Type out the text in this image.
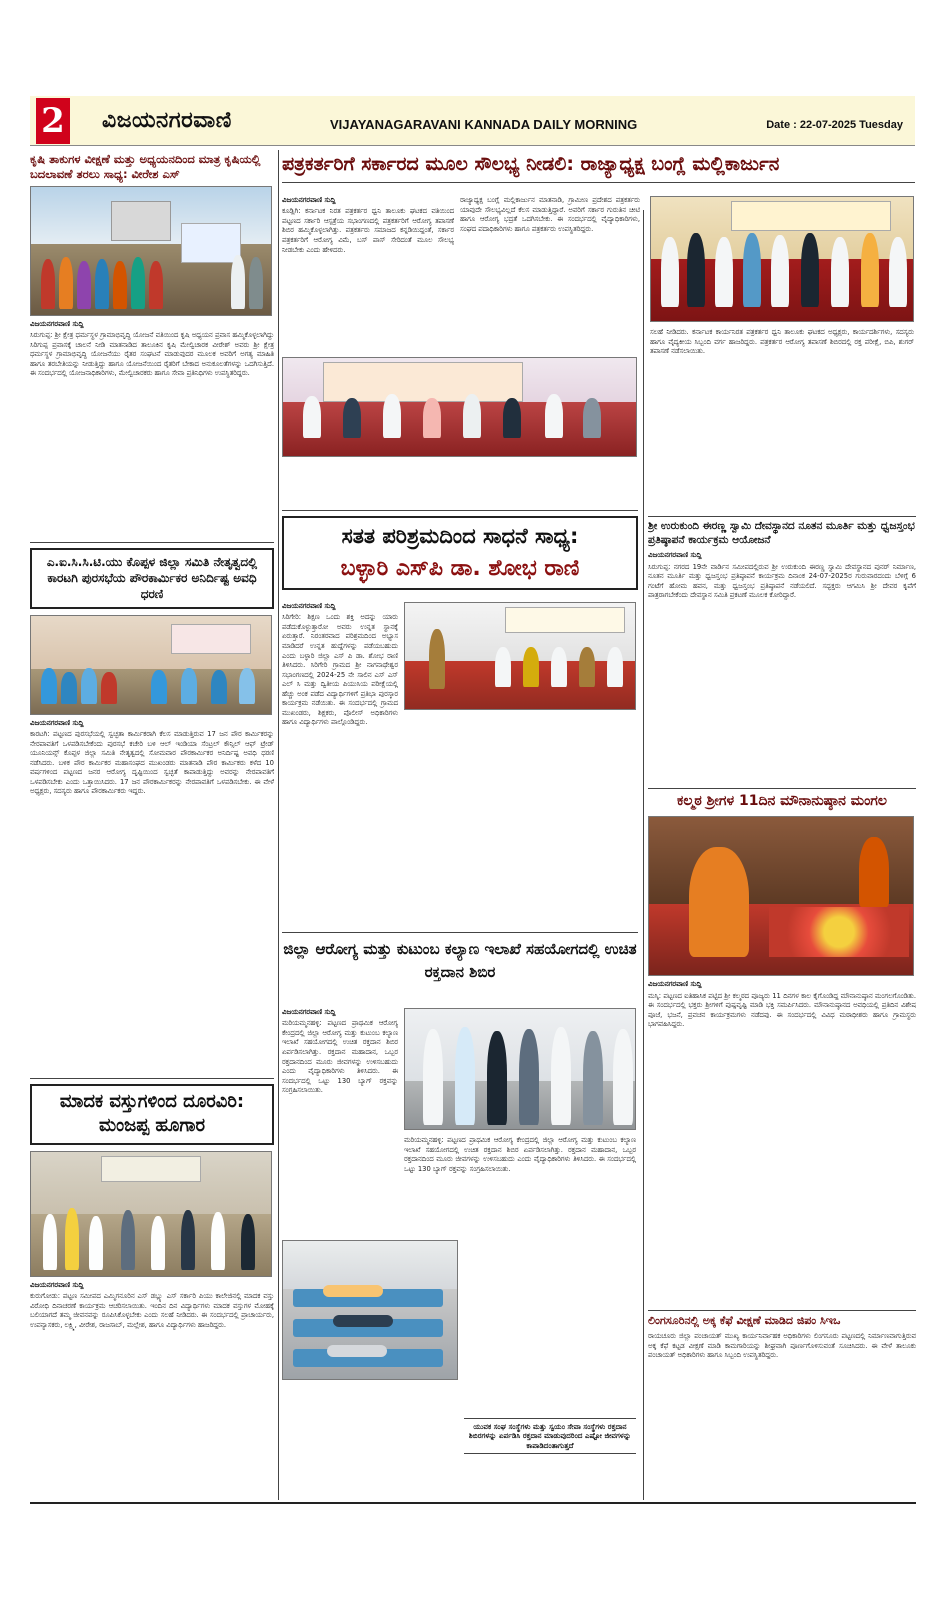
2 ವಿಜಯನಗರವಾಣಿ	VIJAYANAGARAVANI KANNADA DAILY MORNING	Date : 22-07-2025 Tuesday
ಕೃಷಿ ತಾಕುಗಳ ವೀಕ್ಷಣೆ ಮತ್ತು ಅಧ್ಯಯನದಿಂದ ಮಾತ್ರ ಕೃಷಿಯಲ್ಲಿ ಬದಲಾವಣೆ ತರಲು ಸಾಧ್ಯ: ವೀರೇಶ ಎಸ್
ವಿಜಯನಗರವಾಣಿ ಸುದ್ದಿ

ಸಿರುಗುಪ್ಪ: ಶ್ರೀ ಕ್ಷೇತ್ರ ಧರ್ಮಸ್ಥಳ ಗ್ರಾಮಾಭಿವೃದ್ಧಿ ಯೋಜನೆ ವತಿಯಿಂದ ಕೃಷಿ ಅಧ್ಯಯನ ಪ್ರವಾಸ ಹಮ್ಮಿಕೊಳ್ಳಲಾಗಿದ್ದು ಸಿರಿಗುಪ್ಪ ಪ್ರವಾಸಕ್ಕೆ ಚಾಲನೆ ನೀಡಿ ಮಾತನಾಡಿದ ತಾಲೂಕಿನ ಕೃಷಿ ಮೇಲ್ವಿಚಾರಕ ವೀರೇಶ್ ಅವರು ಶ್ರೀ ಕ್ಷೇತ್ರ ಧರ್ಮಸ್ಥಳ ಗ್ರಾಮಾಭಿವೃದ್ಧಿ ಯೋಜನೆಯು ರೈತರ ಸಂಘಟನೆ ಮಾಡುವುದರ ಮೂಲಕ ಅವರಿಗೆ ಅಗತ್ಯ ಮಾಹಿತಿ ಹಾಗೂ ತರಬೇತಿಯನ್ನು ನೀಡುತ್ತಿದ್ದು ಹಾಗೂ ಯೋಜನೆಯಿಂದ ರೈತರಿಗೆ ಬೇಕಾದ ಅನುಕೂಲತೆಗಳನ್ನು ಒದಗಿಸುತ್ತಿದೆ. ಈ ಸಂದರ್ಭದಲ್ಲಿ ಯೋಜನಾಧಿಕಾರಿಗಳು, ಮೇಲ್ವಿಚಾರಕರು ಹಾಗೂ ಸೇವಾ ಪ್ರತಿನಿಧಿಗಳು ಉಪಸ್ಥಿತರಿದ್ದರು.

ಎ.ಐ.ಸಿ.ಸಿ.ಟಿ.ಯು ಕೊಪ್ಪಳ ಜಿಲ್ಲಾ ಸಮಿತಿ ನೇತೃತ್ವದಲ್ಲಿ ಕಾರಟಗಿ ಪುರಸಭೆಯ ಪೌರಕಾರ್ಮಿಕರ ಅನಿರ್ದಿಷ್ಟ ಅವಧಿ ಧರಣಿ
ವಿಜಯನಗರವಾಣಿ ಸುದ್ದಿ

ಕಾರಟಗಿ: ಪಟ್ಟಣದ ಪುರಸಭೆಯಲ್ಲಿ ಸ್ವಚ್ಛತಾ ಕಾರ್ಮಿಕರಾಗಿ ಕೆಲಸ ಮಾಡುತ್ತಿರುವ 17 ಜನ ಪೌರ ಕಾರ್ಮಿಕರನ್ನು ನೇರಪಾವತಿಗೆ ಒಳಪಡಿಸಬೇಕೆಂದು ಪುರಸಭೆ ಕಚೇರಿ ಬಳಿ ಆಲ್ ಇಂಡಿಯಾ ಸೆಂಟ್ರಲ್ ಕೌನ್ಸಿಲ್ ಆಫ್ ಟ್ರೇಡ್ ಯೂನಿಯನ್ಸ್ ಕೊಪ್ಪಳ ಜಿಲ್ಲಾ ಸಮಿತಿ ನೇತೃತ್ವದಲ್ಲಿ ಸೋಮವಾರ ಪೌರಕಾರ್ಮಿಕರ ಅನಿರ್ದಿಷ್ಟ ಅವಧಿ ಧರಣಿ ನಡೆಸಿದರು. ಬಳಿಕ ಪೌರ ಕಾರ್ಮಿಕರ ಮಹಾಸಂಘದ ಮುಖಂಡರು ಮಾತನಾಡಿ ಪೌರ ಕಾರ್ಮಿಕರು ಕಳೆದ 10 ವರ್ಷಗಳಿಂದ ಪಟ್ಟಣದ ಜನರ ಆರೋಗ್ಯ ದೃಷ್ಟಿಯಿಂದ ಸ್ವಚ್ಛತೆ ಕಾಪಾಡುತ್ತಿದ್ದು ಅವರನ್ನು ನೇರಪಾವತಿಗೆ ಒಳಪಡಿಸಬೇಕು ಎಂದು ಒತ್ತಾಯಿಸಿದರು. 17 ಜನ ಪೌರಕಾರ್ಮಿಕರನ್ನು ನೇರಪಾವತಿಗೆ ಒಳಪಡಿಸಬೇಕು. ಈ ವೇಳೆ ಅಧ್ಯಕ್ಷರು, ಸದಸ್ಯರು ಹಾಗೂ ಪೌರಕಾರ್ಮಿಕರು ಇದ್ದರು.

ಮಾದಕ ವಸ್ತುಗಳಿಂದ ದೂರವಿರಿ: ಮಂಜಪ್ಪ ಹೂಗಾರ
ವಿಜಯನಗರವಾಣಿ ಸುದ್ದಿ

ಕುರುಗೋಡು: ಪಟ್ಟಣ ಸಮೀಪದ ಎಮ್ಮಿಗನೂರಿನ ಎಸ್ ಡಬ್ಲ್ಯು ಎಸ್ ಸರ್ಕಾರಿ ಪಿಯು ಕಾಲೇಜಿನಲ್ಲಿ ಮಾದಕ ವಸ್ತು ವಿರೋಧಿ ದಿನಾಚರಣೆ ಕಾರ್ಯಕ್ರಮ ಆಚರಿಸಲಾಯಿತು. ಇಂದಿನ ದಿನ ವಿದ್ಯಾರ್ಥಿಗಳು ಮಾದಕ ವಸ್ತುಗಳ ಮೋಹಕ್ಕೆ ಬಲಿಯಾಗದೆ ತಮ್ಮ ಜೀವನವನ್ನು ರೂಪಿಸಿಕೊಳ್ಳಬೇಕು ಎಂದು ಸಲಹೆ ನೀಡಿದರು. ಈ ಸಂದರ್ಭದಲ್ಲಿ ಪ್ರಾಚಾರ್ಯರು, ಉಪನ್ಯಾಸಕರು, ಲಕ್ಷ್ಮಿ, ವೀರೇಶ, ರಾಜಸಾಬ್, ಮಲ್ಲೇಶ, ಹಾಗೂ ವಿದ್ಯಾರ್ಥಿಗಳು ಹಾಜರಿದ್ದರು.

ಪತ್ರಕರ್ತರಿಗೆ ಸರ್ಕಾರದ ಮೂಲ ಸೌಲಭ್ಯ ನೀಡಲಿ: ರಾಜ್ಯಾಧ್ಯಕ್ಷ ಬಂಗ್ಲೆ ಮಲ್ಲಿಕಾರ್ಜುನ
ವಿಜಯನಗರವಾಣಿ ಸುದ್ದಿ

ಕೂಡ್ಲಿಗಿ: ಕರ್ನಾಟಕ ನಿರತ ಪತ್ರಕರ್ತರ ಧ್ವನಿ ತಾಲೂಕು ಘಟಕದ ವತಿಯಿಂದ ಪಟ್ಟಣದ ಸರ್ಕಾರಿ ಆಸ್ಪತ್ರೆಯ ಸಭಾಂಗಣದಲ್ಲಿ ಪತ್ರಕರ್ತರಿಗೆ ಆರೋಗ್ಯ ತಪಾಸಣೆ ಶಿಬಿರ ಹಮ್ಮಿಕೊಳ್ಳಲಾಗಿತ್ತು. ಪತ್ರಕರ್ತರು ಸಮಾಜದ ಕನ್ನಡಿಯಿದ್ದಂತೆ, ಸರ್ಕಾರ ಪತ್ರಕರ್ತರಿಗೆ ಆರೋಗ್ಯ ವಿಮೆ, ಬಸ್ ಪಾಸ್ ಸೇರಿದಂತೆ ಮೂಲ ಸೌಲಭ್ಯ ನೀಡಬೇಕು ಎಂದು ಹೇಳಿದರು.

ರಾಜ್ಯಾಧ್ಯಕ್ಷ ಬಂಗ್ಲೆ ಮಲ್ಲಿಕಾರ್ಜುನ ಮಾತನಾಡಿ, ಗ್ರಾಮೀಣ ಪ್ರದೇಶದ ಪತ್ರಕರ್ತರು ಯಾವುದೇ ಸೌಲಭ್ಯವಿಲ್ಲದೆ ಕೆಲಸ ಮಾಡುತ್ತಿದ್ದಾರೆ. ಅವರಿಗೆ ಸರ್ಕಾರ ಗುರುತಿನ ಚೀಟಿ ಹಾಗೂ ಆರೋಗ್ಯ ಭದ್ರತೆ ಒದಗಿಸಬೇಕು. ಈ ಸಂದರ್ಭದಲ್ಲಿ ವೈದ್ಯಾಧಿಕಾರಿಗಳು, ಸಂಘದ ಪದಾಧಿಕಾರಿಗಳು ಹಾಗೂ ಪತ್ರಕರ್ತರು ಉಪಸ್ಥಿತರಿದ್ದರು.

ಸಲಹೆ ನೀಡಿದರು. ಕರ್ನಾಟಕ ಕಾರ್ಯನಿರತ ಪತ್ರಕರ್ತರ ಧ್ವನಿ ತಾಲೂಕು ಘಟಕದ ಅಧ್ಯಕ್ಷರು, ಕಾರ್ಯದರ್ಶಿಗಳು, ಸದಸ್ಯರು ಹಾಗೂ ವೈದ್ಯಕೀಯ ಸಿಬ್ಬಂದಿ ವರ್ಗ ಹಾಜರಿದ್ದರು. ಪತ್ರಕರ್ತರ ಆರೋಗ್ಯ ತಪಾಸಣೆ ಶಿಬಿರದಲ್ಲಿ ರಕ್ತ ಪರೀಕ್ಷೆ, ಬಿಪಿ, ಶುಗರ್ ತಪಾಸಣೆ ನಡೆಸಲಾಯಿತು.

ಸತತ ಪರಿಶ್ರಮದಿಂದ ಸಾಧನೆ ಸಾಧ್ಯ:
ಬಳ್ಳಾರಿ ಎಸ್‌ಪಿ ಡಾ. ಶೋಭ ರಾಣಿ
ವಿಜಯನಗರವಾಣಿ ಸುದ್ದಿ

ಸಿರಿಗೇರಿ: ಶಿಕ್ಷಣ ಒಂದು ಶಕ್ತಿ ಅದನ್ನು ಯಾರು ಪಡೆದುಕೊಳ್ಳುತ್ತಾರೋ ಅವರು ಉನ್ನತ ಸ್ಥಾನಕ್ಕೆ ಏರುತ್ತಾರೆ. ನಿರಂತರವಾದ ಪರಿಶ್ರಮದಿಂದ ಅಭ್ಯಾಸ ಮಾಡಿದರೆ ಉನ್ನತ ಹುದ್ದೆಗಳನ್ನು ಪಡೆಯಬಹುದು ಎಂದು ಬಳ್ಳಾರಿ ಜಿಲ್ಲಾ ಎಸ್ ಪಿ ಡಾ. ಶೋಭ ರಾಣಿ ತಿಳಿಸಿದರು. ಸಿರಿಗೇರಿ ಗ್ರಾಮದ ಶ್ರೀ ನಾಗನಾಥೇಶ್ವರ ಸಭಾಂಗಣದಲ್ಲಿ 2024-25 ನೇ ಸಾಲಿನ ಎಸ್ ಎಸ್ ಎಲ್ ಸಿ ಮತ್ತು ದ್ವಿತೀಯ ಪಿಯುಸಿಯ ಪರೀಕ್ಷೆಯಲ್ಲಿ ಹೆಚ್ಚು ಅಂಕ ಪಡೆದ ವಿದ್ಯಾರ್ಥಿಗಳಿಗೆ ಪ್ರತಿಭಾ ಪುರಸ್ಕಾರ ಕಾರ್ಯಕ್ರಮ ನಡೆಯಿತು. ಈ ಸಂದರ್ಭದಲ್ಲಿ ಗ್ರಾಮದ ಮುಖಂಡರು, ಶಿಕ್ಷಕರು, ಪೊಲೀಸ್ ಅಧಿಕಾರಿಗಳು ಹಾಗೂ ವಿದ್ಯಾರ್ಥಿಗಳು ಪಾಲ್ಗೊಂಡಿದ್ದರು.

ಜಿಲ್ಲಾ ಆರೋಗ್ಯ ಮತ್ತು ಕುಟುಂಬ ಕಲ್ಯಾಣ ಇಲಾಖೆ ಸಹಯೋಗದಲ್ಲಿ ಉಚಿತ ರಕ್ತದಾನ ಶಿಬಿರ
ವಿಜಯನಗರವಾಣಿ ಸುದ್ದಿ

ಮರಿಯಮ್ಮನಹಳ್ಳಿ: ಪಟ್ಟಣದ ಪ್ರಾಥಮಿಕ ಆರೋಗ್ಯ ಕೇಂದ್ರದಲ್ಲಿ ಜಿಲ್ಲಾ ಆರೋಗ್ಯ ಮತ್ತು ಕುಟುಂಬ ಕಲ್ಯಾಣ ಇಲಾಖೆ ಸಹಯೋಗದಲ್ಲಿ ಉಚಿತ ರಕ್ತದಾನ ಶಿಬಿರ ಏರ್ಪಡಿಸಲಾಗಿತ್ತು. ರಕ್ತದಾನ ಮಹಾದಾನ, ಒಬ್ಬರ ರಕ್ತದಾನದಿಂದ ಮೂರು ಜೀವಗಳನ್ನು ಉಳಿಸಬಹುದು ಎಂದು ವೈದ್ಯಾಧಿಕಾರಿಗಳು ತಿಳಿಸಿದರು. ಈ ಸಂದರ್ಭದಲ್ಲಿ ಒಟ್ಟು 130 ಬ್ಯಾಗ್ ರಕ್ತವನ್ನು ಸಂಗ್ರಹಿಸಲಾಯಿತು.

ಮರಿಯಮ್ಮನಹಳ್ಳಿ: ಪಟ್ಟಣದ ಪ್ರಾಥಮಿಕ ಆರೋಗ್ಯ ಕೇಂದ್ರದಲ್ಲಿ ಜಿಲ್ಲಾ ಆರೋಗ್ಯ ಮತ್ತು ಕುಟುಂಬ ಕಲ್ಯಾಣ ಇಲಾಖೆ ಸಹಯೋಗದಲ್ಲಿ ಉಚಿತ ರಕ್ತದಾನ ಶಿಬಿರ ಏರ್ಪಡಿಸಲಾಗಿತ್ತು. ರಕ್ತದಾನ ಮಹಾದಾನ, ಒಬ್ಬರ ರಕ್ತದಾನದಿಂದ ಮೂರು ಜೀವಗಳನ್ನು ಉಳಿಸಬಹುದು ಎಂದು ವೈದ್ಯಾಧಿಕಾರಿಗಳು ತಿಳಿಸಿದರು. ಈ ಸಂದರ್ಭದಲ್ಲಿ ಒಟ್ಟು 130 ಬ್ಯಾಗ್ ರಕ್ತವನ್ನು ಸಂಗ್ರಹಿಸಲಾಯಿತು.

ಯುವಕ ಸಂಘ ಸಂಸ್ಥೆಗಳು ಮತ್ತು ಸ್ವಯಂ ಸೇವಾ ಸಂಸ್ಥೆಗಳು ರಕ್ತದಾನ ಶಿಬಿರಗಳನ್ನು ಏರ್ಪಡಿಸಿ ರಕ್ತದಾನ ಮಾಡುವುದರಿಂದ ಎಷ್ಟೋ ಜೀವಗಳನ್ನು ಕಾಪಾಡಿದಂತಾಗುತ್ತದೆ
ಶ್ರೀ ಉರುಕುಂದಿ ಈರಣ್ಣ ಸ್ವಾಮಿ ದೇವಸ್ಥಾನದ ನೂತನ ಮೂರ್ತಿ ಮತ್ತು ಧ್ವಜಸ್ತಂಭ ಪ್ರತಿಷ್ಠಾಪನೆ ಕಾರ್ಯಕ್ರಮ ಆಯೋಜನೆ
ವಿಜಯನಗರವಾಣಿ ಸುದ್ದಿ

ಸಿರುಗುಪ್ಪ: ನಗರದ 19ನೇ ವಾರ್ಡಿನ ಸಮೀಪದಲ್ಲಿರುವ ಶ್ರೀ ಉರುಕುಂದಿ ಈರಣ್ಣ ಸ್ವಾಮಿ ದೇವಸ್ಥಾನದ ಪುನರ್ ನಿರ್ಮಾಣ, ನೂತನ ಮೂರ್ತಿ ಮತ್ತು ಧ್ವಜಸ್ತಂಭ ಪ್ರತಿಷ್ಠಾಪನೆ ಕಾರ್ಯಕ್ರಮ ದಿನಾಂಕ 24-07-2025ರ ಗುರುವಾರದಂದು ಬೆಳಿಗ್ಗೆ 6 ಗಂಟೆಗೆ ಹೋಮ ಹವನ, ಮತ್ತು ಧ್ವಜಸ್ತಂಭ ಪ್ರತಿಷ್ಠಾಪನೆ ನಡೆಯಲಿದೆ. ಸದ್ಭಕ್ತರು ಆಗಮಿಸಿ ಶ್ರೀ ದೇವರ ಕೃಪೆಗೆ ಪಾತ್ರರಾಗಬೇಕೆಂದು ದೇವಸ್ಥಾನ ಸಮಿತಿ ಪ್ರಕಟಣೆ ಮೂಲಕ ಕೋರಿದ್ದಾರೆ.

ಕಲ್ಮಠ ಶ್ರೀಗಳ 11ದಿನ ಮೌನಾನುಷ್ಠಾನ ಮಂಗಲ
ವಿಜಯನಗರವಾಣಿ ಸುದ್ದಿ

ಮಸ್ಕಿ: ಪಟ್ಟಣದ ಐತಿಹಾಸಿಕ ಪಟ್ಟಿದ ಶ್ರೀ ಕಲ್ಮಠದ ಪೂಜ್ಯರು 11 ದಿನಗಳ ಕಾಲ ಕೈಗೊಂಡಿದ್ದ ಮೌನಾನುಷ್ಠಾನ ಮಂಗಲಗೊಂಡಿತು. ಈ ಸಂದರ್ಭದಲ್ಲಿ ಭಕ್ತರು ಶ್ರೀಗಳಿಗೆ ಪುಷ್ಪವೃಷ್ಟಿ ಮಾಡಿ ಭಕ್ತಿ ಸಮರ್ಪಿಸಿದರು. ಮೌನಾನುಷ್ಠಾನದ ಅವಧಿಯಲ್ಲಿ ಪ್ರತಿದಿನ ವಿಶೇಷ ಪೂಜೆ, ಭಜನೆ, ಪ್ರವಚನ ಕಾರ್ಯಕ್ರಮಗಳು ನಡೆದವು. ಈ ಸಂದರ್ಭದಲ್ಲಿ ವಿವಿಧ ಮಠಾಧೀಶರು ಹಾಗೂ ಗ್ರಾಮಸ್ಥರು ಭಾಗವಹಿಸಿದ್ದರು.

ಲಿಂಗಸೂರಿನಲ್ಲಿ ಅಕ್ಕ ಕೆಫೆ ವೀಕ್ಷಣೆ ಮಾಡಿದ ಜಿಪಂ ಸಿಇಒ

ರಾಯಚೂರು ಜಿಲ್ಲಾ ಪಂಚಾಯತ್ ಮುಖ್ಯ ಕಾರ್ಯನಿರ್ವಾಹಕ ಅಧಿಕಾರಿಗಳು ಲಿಂಗಸೂರು ಪಟ್ಟಣದಲ್ಲಿ ನಿರ್ಮಾಣವಾಗುತ್ತಿರುವ ಅಕ್ಕ ಕೆಫೆ ಕಟ್ಟಡ ವೀಕ್ಷಣೆ ಮಾಡಿ ಕಾಮಗಾರಿಯನ್ನು ಶೀಘ್ರವಾಗಿ ಪೂರ್ಣಗೊಳಿಸುವಂತೆ ಸೂಚಿಸಿದರು. ಈ ವೇಳೆ ತಾಲೂಕು ಪಂಚಾಯತ್ ಅಧಿಕಾರಿಗಳು ಹಾಗೂ ಸಿಬ್ಬಂದಿ ಉಪಸ್ಥಿತರಿದ್ದರು.
